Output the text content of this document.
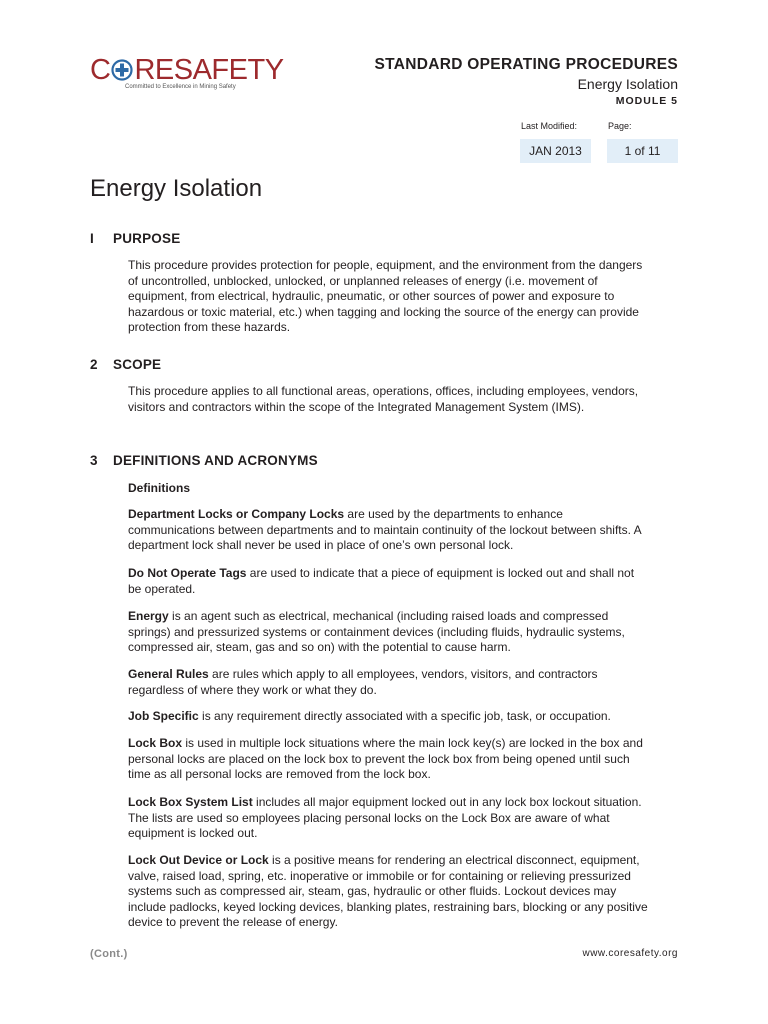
C RESAFETY
Committed to Excellence in Mining Safety
STANDARD OPERATING PROCEDURES
Energy Isolation
MODULE 5
Last Modified:	Page:
JAN 2013	1 of 11
Energy Isolation
I PURPOSE
This procedure provides protection for people, equipment, and the environment from the dangers of uncontrolled, unblocked, unlocked, or unplanned releases of energy (i.e. movement of equipment, from electrical, hydraulic, pneumatic, or other sources of power and exposure to hazardous or toxic material, etc.) when tagging and locking the source of the energy can provide protection from these hazards.
2 SCOPE
This procedure applies to all functional areas, operations, offices, including employees, vendors, visitors and contractors within the scope of the Integrated Management System (IMS).
3 DEFINITIONS AND ACRONYMS
Definitions
Department Locks or Company Locks are used by the departments to enhance communications between departments and to maintain continuity of the lockout between shifts. A department lock shall never be used in place of one’s own personal lock.
Do Not Operate Tags are used to indicate that a piece of equipment is locked out and shall not be operated.
Energy is an agent such as electrical, mechanical (including raised loads and compressed springs) and pressurized systems or containment devices (including fluids, hydraulic systems, compressed air, steam, gas and so on) with the potential to cause harm.
General Rules are rules which apply to all employees, vendors, visitors, and contractors regardless of where they work or what they do.
Job Specific is any requirement directly associated with a specific job, task, or occupation.
Lock Box is used in multiple lock situations where the main lock key(s) are locked in the box and personal locks are placed on the lock box to prevent the lock box from being opened until such time as all personal locks are removed from the lock box.
Lock Box System List includes all major equipment locked out in any lock box lockout situation. The lists are used so employees placing personal locks on the Lock Box are aware of what equipment is locked out.
Lock Out Device or Lock is a positive means for rendering an electrical disconnect, equipment, valve, raised load, spring, etc. inoperative or immobile or for containing or relieving pressurized systems such as compressed air, steam, gas, hydraulic or other fluids. Lockout devices may include padlocks, keyed locking devices, blanking plates, restraining bars, blocking or any positive device to prevent the release of energy.
(Cont.)	www.coresafety.org
